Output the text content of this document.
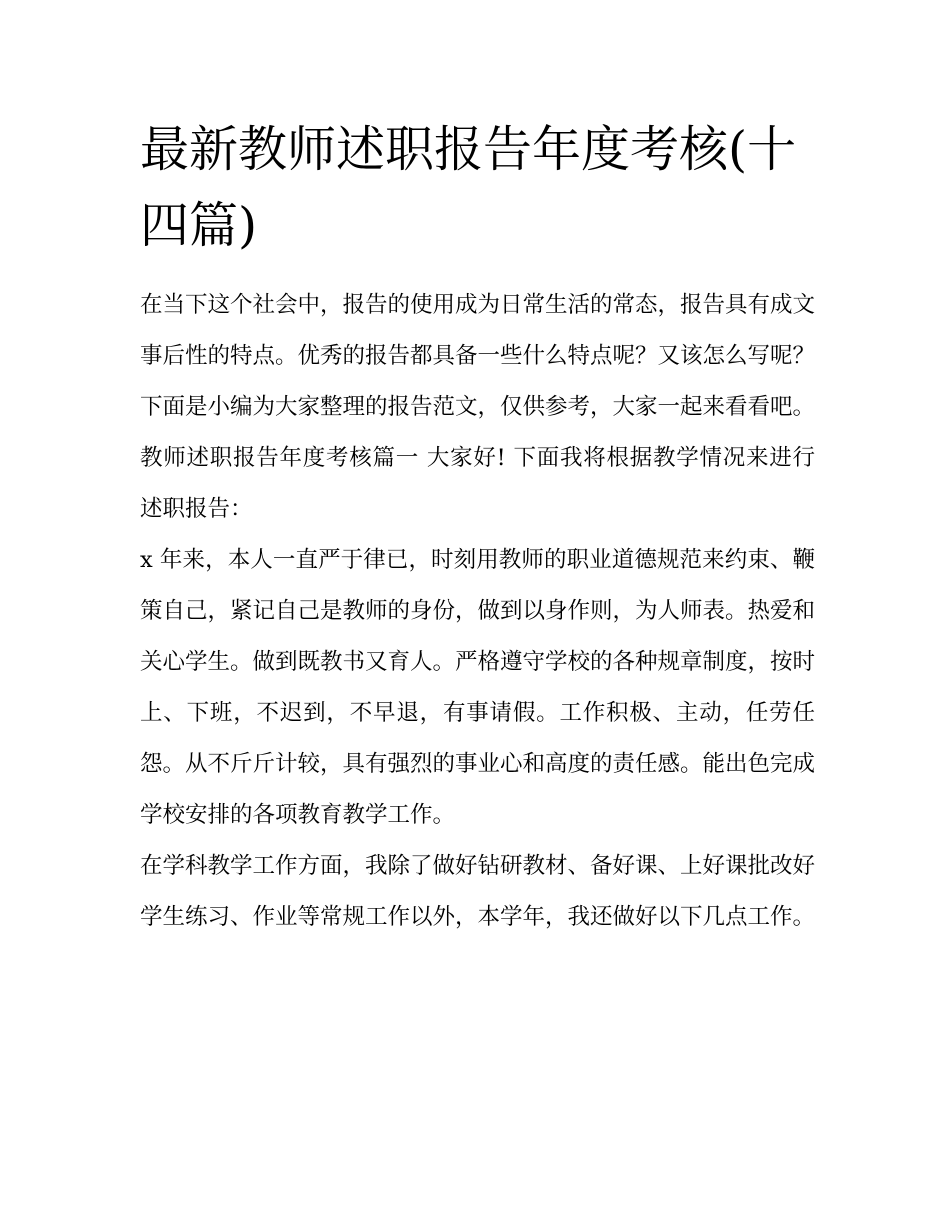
最新教师述职报告年度考核(十四篇)

在当下这个社会中，报告的使用成为日常生活的常态，报告具有成文事后性的特点。优秀的报告都具备一些什么特点呢？又该怎么写呢？下面是小编为大家整理的报告范文，仅供参考，大家一起来看看吧。

教师述职报告年度考核篇一 大家好! 下面我将根据教学情况来进行述职报告：

x 年来，本人一直严于律已，时刻用教师的职业道德规范来约束、鞭策自己，紧记自己是教师的身份，做到以身作则，为人师表。热爱和关心学生。做到既教书又育人。严格遵守学校的各种规章制度，按时上、下班，不迟到，不早退，有事请假。工作积极、主动，任劳任怨。从不斤斤计较，具有强烈的事业心和高度的责任感。能出色完成学校安排的各项教育教学工作。

在学科教学工作方面，我除了做好钻研教材、备好课、上好课批改好学生练习、作业等常规工作以外，本学年，我还做好以下几点工作。
